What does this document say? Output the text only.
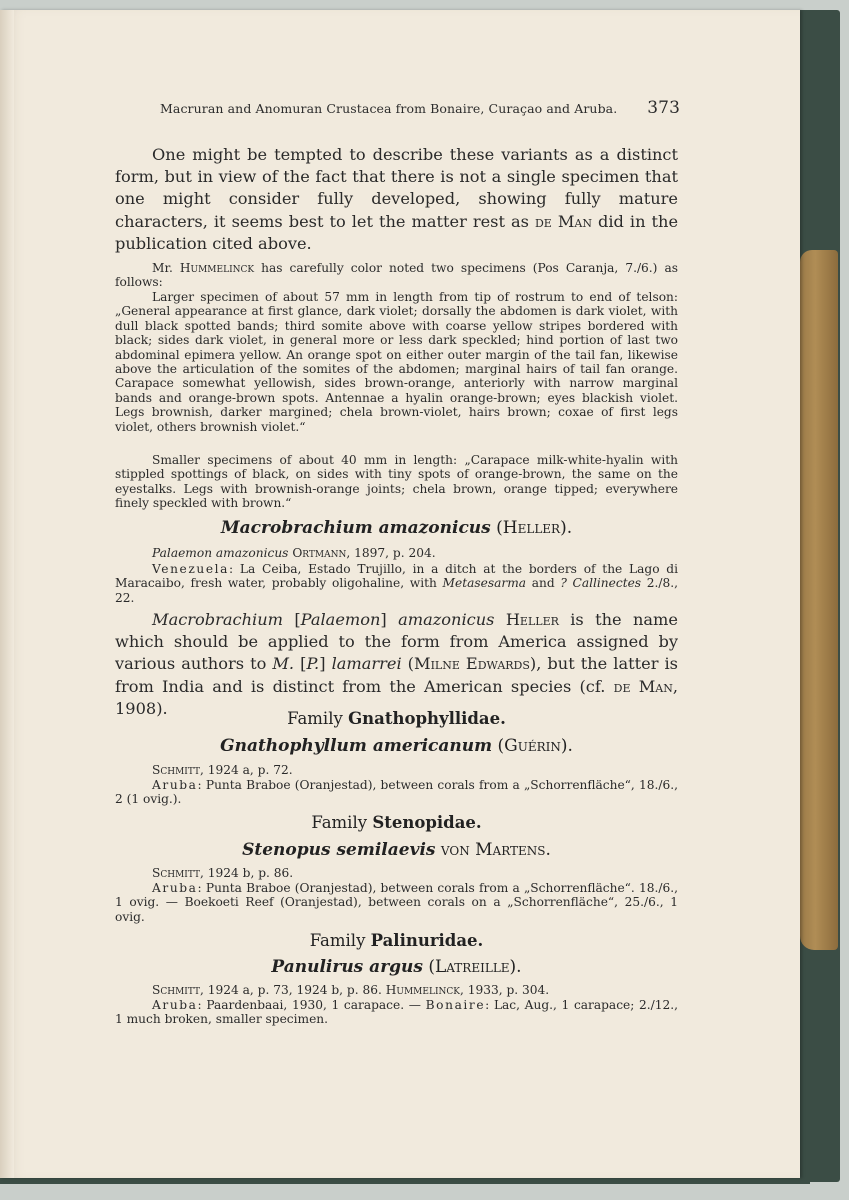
Macruran and Anomuran Crustacea from Bonaire, Curaçao and Aruba. 373
One might be tempted to describe these variants as a distinct form, but in view of the fact that there is not a single specimen that one might consider fully developed, showing fully mature characters, it seems best to let the matter rest as de Man did in the publication cited above.
Mr. Hummelinck has carefully color noted two specimens (Pos Caranja, 7./6.) as follows:
Larger specimen of about 57 mm in length from tip of rostrum to end of telson: „General appearance at first glance, dark violet; dorsally the abdomen is dark violet, with dull black spotted bands; third somite above with coarse yellow stripes bordered with black; sides dark violet, in general more or less dark speckled; hind portion of last two abdominal epimera yellow. An orange spot on either outer margin of the tail fan, likewise above the articulation of the somites of the abdomen; marginal hairs of tail fan orange. Carapace somewhat yellowish, sides brown-orange, anteriorly with narrow marginal bands and orange-brown spots. Antennae a hyalin orange-brown; eyes blackish violet. Legs brownish, darker margined; chela brown-violet, hairs brown; coxae of first legs violet, others brownish violet.“
Smaller specimens of about 40 mm in length: „Carapace milk-white-hyalin with stippled spottings of black, on sides with tiny spots of orange-brown, the same on the eyestalks. Legs with brownish-orange joints; chela brown, orange tipped; everywhere finely speckled with brown.“
Macrobrachium amazonicus (Heller).
Palaemon amazonicus Ortmann, 1897, p. 204.
Venezuela: La Ceiba, Estado Trujillo, in a ditch at the borders of the Lago di Maracaibo, fresh water, probably oligohaline, with Metasesarma and ? Callinectes 2./8., 22.
Macrobrachium [Palaemon] amazonicus Heller is the name which should be applied to the form from America assigned by various authors to M. [P.] lamarrei (Milne Edwards), but the latter is from India and is distinct from the American species (cf. de Man, 1908).
Family Gnathophyllidae.
Gnathophyllum americanum (Guérin).
Schmitt, 1924 a, p. 72.
Aruba: Punta Braboe (Oranjestad), between corals from a „Schorrenfläche“, 18./6., 2 (1 ovig.).
Family Stenopidae.
Stenopus semilaevis von Martens.
Schmitt, 1924 b, p. 86.
Aruba: Punta Braboe (Oranjestad), between corals from a „Schorrenfläche“. 18./6., 1 ovig. — Boekoeti Reef (Oranjestad), between corals on a „Schorrenfläche“, 25./6., 1 ovig.
Family Palinuridae.
Panulirus argus (Latreille).
Schmitt, 1924 a, p. 73, 1924 b, p. 86. Hummelinck, 1933, p. 304.
Aruba: Paardenbaai, 1930, 1 carapace. — Bonaire: Lac, Aug., 1 carapace; 2./12., 1 much broken, smaller specimen.
